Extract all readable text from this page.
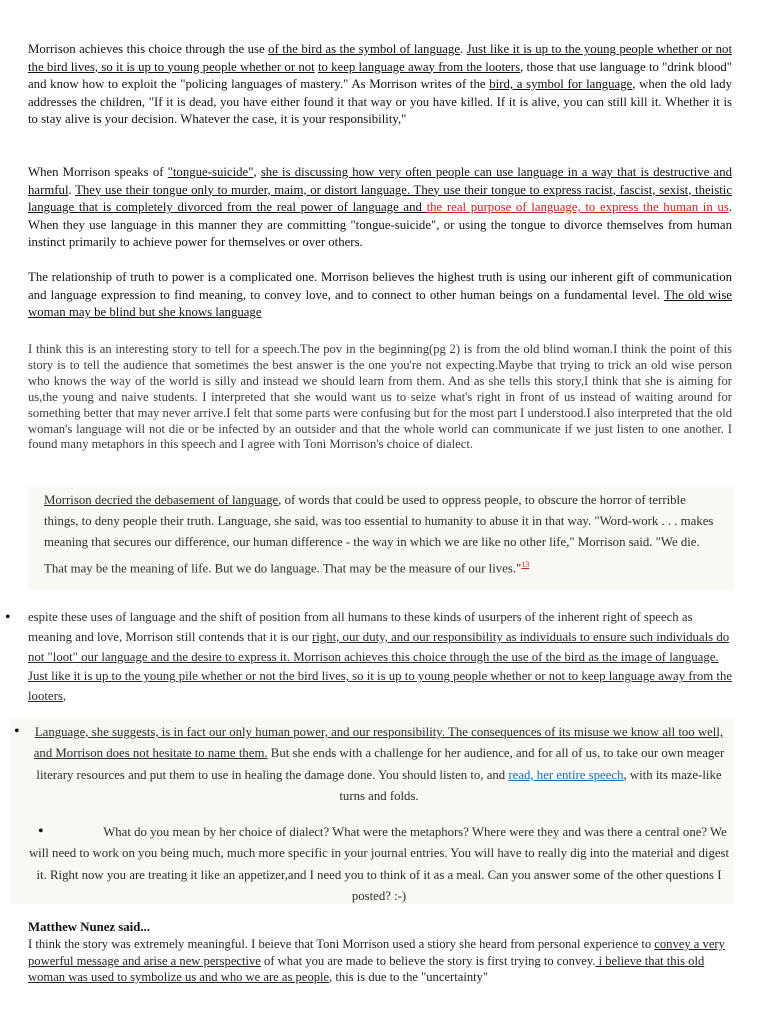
Morrison achieves this choice through the use of the bird as the symbol of language. Just like it is up to the young people whether or not the bird lives, so it is up to young people whether or not to keep language away from the looters, those that use language to "drink blood" and know how to exploit the "policing languages of mastery." As Morrison writes of the bird, a symbol for language, when the old lady addresses the children, "If it is dead, you have either found it that way or you have killed. If it is alive, you can still kill it. Whether it is to stay alive is your decision. Whatever the case, it is your responsibility,"

When Morrison speaks of "tongue-suicide", she is discussing how very often people can use language in a way that is destructive and harmful. They use their tongue only to murder, maim, or distort language. They use their tongue to express racist, fascist, sexist, theistic language that is completely divorced from the real power of language and the real purpose of language, to express the human in us. When they use language in this manner they are committing "tongue-suicide", or using the tongue to divorce themselves from human instinct primarily to achieve power for themselves or over others.

The relationship of truth to power is a complicated one. Morrison believes the highest truth is using our inherent gift of communication and language expression to find meaning, to convey love, and to connect to other human beings on a fundamental level. The old wise woman may be blind but she knows language

I think this is an interesting story to tell for a speech.The pov in the beginning(pg 2) is from the old blind woman.I think the point of this story is to tell the audience that sometimes the best answer is the one you're not expecting.Maybe that trying to trick an old wise person who knows the way of the world is silly and instead we should learn from them. And as she tells this story,I think that she is aiming for us,the young and naive students. I interpreted that she would want us to seize what's right in front of us instead of waiting around for something better that may never arrive.I felt that some parts were confusing but for the most part I understood.I also interpreted that the old woman's language will not die or be infected by an outsider and that the whole world can communicate if we just listen to one another. I found many metaphors in this speech and I agree with Toni Morrison's choice of dialect.

Morrison decried the debasement of language, of words that could be used to oppress people, to obscure the horror of terrible things, to deny people their truth. Language, she said, was too essential to humanity to abuse it in that way. "Word-work . . . makes meaning that secures our difference, our human difference - the way in which we are like no other life," Morrison said. "We die. That may be the meaning of life. But we do language. That may be the measure of our lives."$^{13}$

• espite these uses of language and the shift of position from all humans to these kinds of usurpers of the inherent right of speech as meaning and love, Morrison still contends that it is our right, our duty, and our responsibility as individuals to ensure such individuals do not "loot" our language and the desire to express it. Morrison achieves this choice through the use of the bird as the image of language. Just like it is up to the young pile whether or not the bird lives, so it is up to young people whether or not to keep language away from the looters,

•	Language, she suggests, is in fact our only human power, and our responsibility. The consequences of its misuse we know all too well, and Morrison does not hesitate to name them. But she ends with a challenge for her audience, and for all of us, to take our own meager literary resources and put them to use in healing the damage done. You should listen to, and read, her entire speech, with its maze-like turns and folds.

•	What do you mean by her choice of dialect? What were the metaphors? Where were they and was there a central one? We will need to work on you being much, much more specific in your journal entries. You will have to really dig into the material and digest it. Right now you are treating it like an appetizer,and I need you to think of it as a meal. Can you answer some of the other questions I posted? :-)

Matthew Nunez said...

I think the story was extremely meaningful. I beieve that Toni Morrison used a stiory she heard from personal experience to convey a very powerful message and arise a new perspective of what you are made to believe the story is first trying to convey. i believe that this old woman was used to symbolize us and who we are as people, this is due to the "uncertainty"
